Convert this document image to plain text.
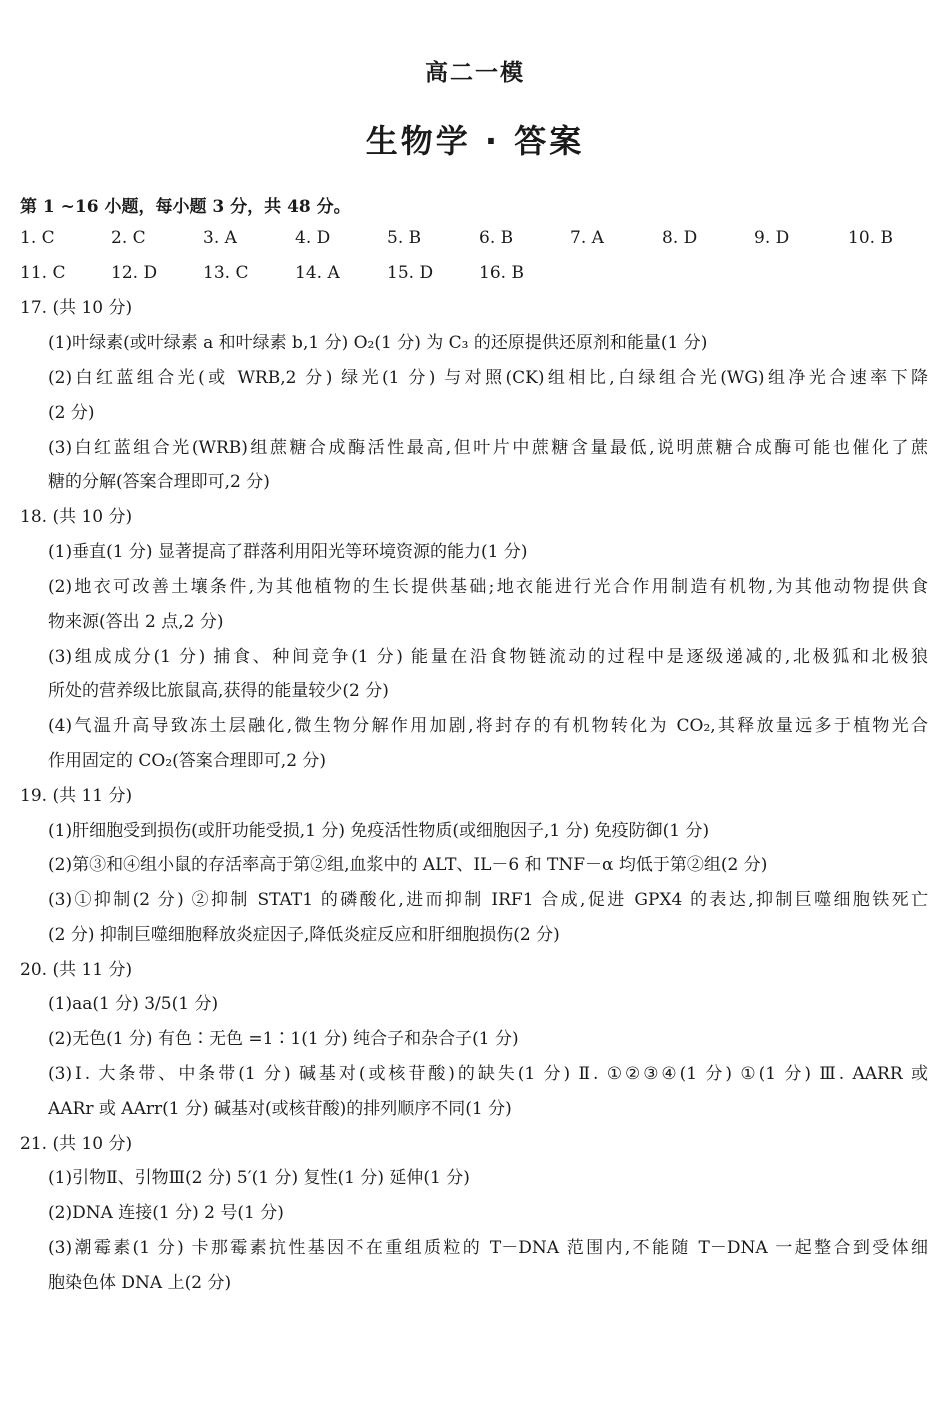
高二一模
生物学 · 答案
第 1 ~16 小题，每小题 3 分，共 48 分。
1. C	2. C	3. A	4. D	5. B	6. B	7. A	8. D	9. D	10. B
11. C	12. D	13. C	14. A	15. D	16. B
17. (共 10 分)
(1)叶绿素(或叶绿素 a 和叶绿素 b,1 分) O₂(1 分) 为 C₃ 的还原提供还原剂和能量(1 分)
(2)白红蓝组合光(或 WRB,2 分) 绿光(1 分) 与对照(CK)组相比,白绿组合光(WG)组净光合速率下降
(2 分)
(3)白红蓝组合光(WRB)组蔗糖合成酶活性最高,但叶片中蔗糖含量最低,说明蔗糖合成酶可能也催化了蔗
糖的分解(答案合理即可,2 分)
18. (共 10 分)
(1)垂直(1 分) 显著提高了群落利用阳光等环境资源的能力(1 分)
(2)地衣可改善土壤条件,为其他植物的生长提供基础;地衣能进行光合作用制造有机物,为其他动物提供食
物来源(答出 2 点,2 分)
(3)组成成分(1 分) 捕食、种间竞争(1 分) 能量在沿食物链流动的过程中是逐级递减的,北极狐和北极狼
所处的营养级比旅鼠高,获得的能量较少(2 分)
(4)气温升高导致冻土层融化,微生物分解作用加剧,将封存的有机物转化为 CO₂,其释放量远多于植物光合
作用固定的 CO₂(答案合理即可,2 分)
19. (共 11 分)
(1)肝细胞受到损伤(或肝功能受损,1 分) 免疫活性物质(或细胞因子,1 分) 免疫防御(1 分)
(2)第③和④组小鼠的存活率高于第②组,血浆中的 ALT、IL－6 和 TNF－α 均低于第②组(2 分)
(3)①抑制(2 分) ②抑制 STAT1 的磷酸化,进而抑制 IRF1 合成,促进 GPX4 的表达,抑制巨噬细胞铁死亡
(2 分) 抑制巨噬细胞释放炎症因子,降低炎症反应和肝细胞损伤(2 分)
20. (共 11 分)
(1)aa(1 分) 3/5(1 分)
(2)无色(1 分) 有色∶无色 =1∶1(1 分) 纯合子和杂合子(1 分)
(3)Ⅰ. 大条带、中条带(1 分) 碱基对(或核苷酸)的缺失(1 分) Ⅱ. ①②③④(1 分) ①(1 分) Ⅲ. AARR 或
AARr 或 AArr(1 分) 碱基对(或核苷酸)的排列顺序不同(1 分)
21. (共 10 分)
(1)引物Ⅱ、引物Ⅲ(2 分) 5′(1 分) 复性(1 分) 延伸(1 分)
(2)DNA 连接(1 分) 2 号(1 分)
(3)潮霉素(1 分) 卡那霉素抗性基因不在重组质粒的 T－DNA 范围内,不能随 T－DNA 一起整合到受体细
胞染色体 DNA 上(2 分)
